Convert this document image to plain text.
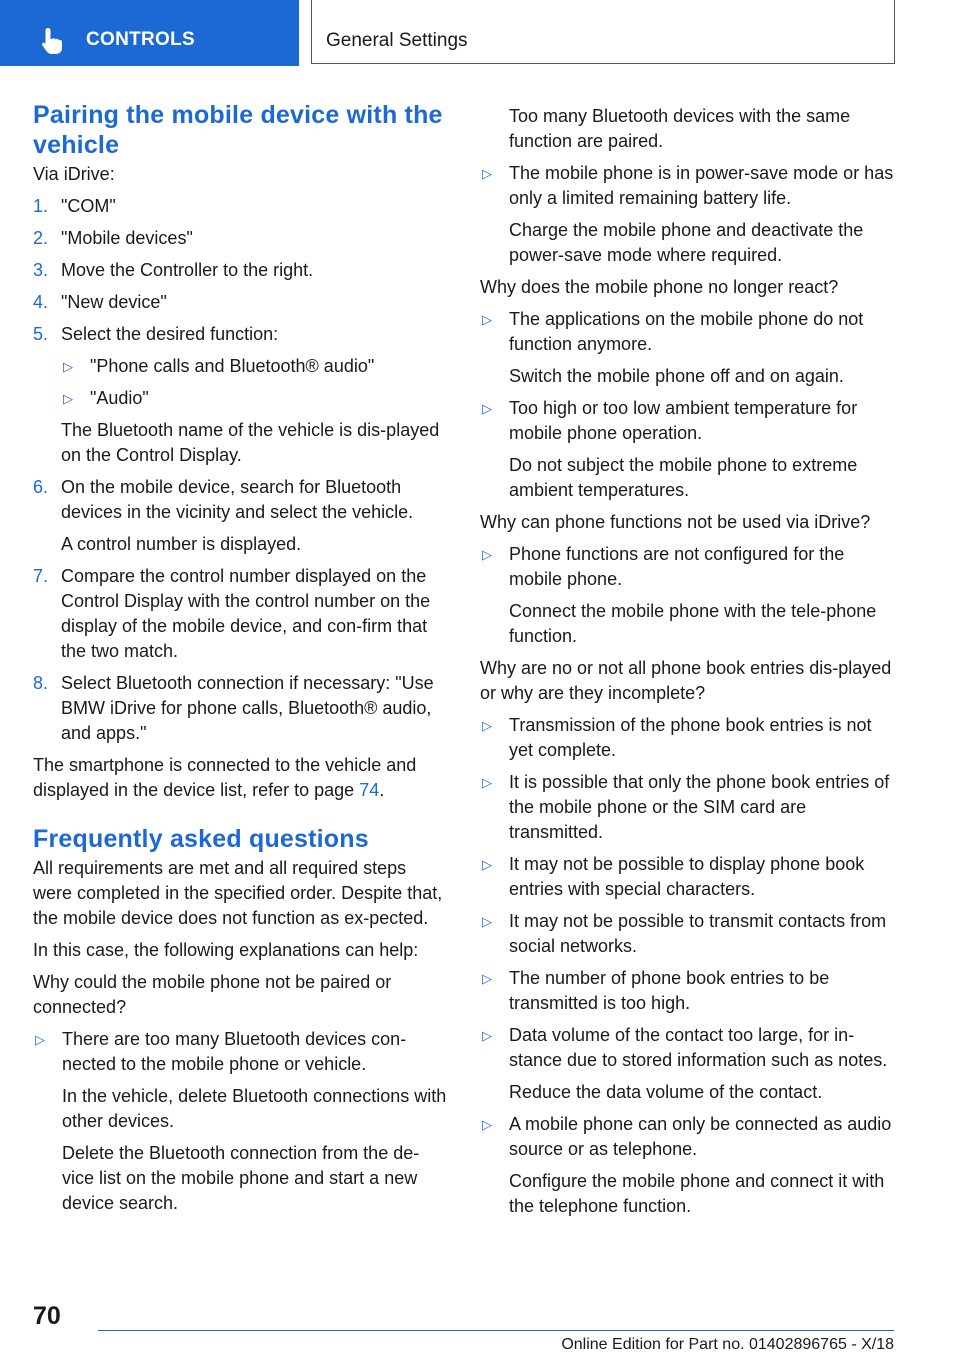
CONTROLS	General Settings
Pairing the mobile device with the vehicle

Via iDrive:

1. "COM"
2. "Mobile devices"
3. Move the Controller to the right.
4. "New device"
5. Select the desired function:
▷ "Phone calls and Bluetooth® audio"
▷ "Audio"
The Bluetooth name of the vehicle is dis-played on the Control Display.
6. On the mobile device, search for Bluetooth devices in the vicinity and select the vehicle.
A control number is displayed.
7. Compare the control number displayed on the Control Display with the control number on the display of the mobile device, and con-firm that the two match.
8. Select Bluetooth connection if necessary: "Use BMW iDrive for phone calls, Bluetooth® audio, and apps."

The smartphone is connected to the vehicle and displayed in the device list, refer to page 74.

Frequently asked questions

All requirements are met and all required steps were completed in the specified order. Despite that, the mobile device does not function as ex-pected.

In this case, the following explanations can help:

Why could the mobile phone not be paired or connected?

▷ There are too many Bluetooth devices con-nected to the mobile phone or vehicle.
In the vehicle, delete Bluetooth connections with other devices.
Delete the Bluetooth connection from the de-vice list on the mobile phone and start a new device search.
Too many Bluetooth devices with the same function are paired.
▷ The mobile phone is in power-save mode or has only a limited remaining battery life.
Charge the mobile phone and deactivate the power-save mode where required.

Why does the mobile phone no longer react?

▷ The applications on the mobile phone do not function anymore.
Switch the mobile phone off and on again.
▷ Too high or too low ambient temperature for mobile phone operation.
Do not subject the mobile phone to extreme ambient temperatures.

Why can phone functions not be used via iDrive?

▷ Phone functions are not configured for the mobile phone.
Connect the mobile phone with the tele-phone function.

Why are no or not all phone book entries dis-played or why are they incomplete?

▷ Transmission of the phone book entries is not yet complete.
▷ It is possible that only the phone book entries of the mobile phone or the SIM card are transmitted.
▷ It may not be possible to display phone book entries with special characters.
▷ It may not be possible to transmit contacts from social networks.
▷ The number of phone book entries to be transmitted is too high.
▷ Data volume of the contact too large, for in-stance due to stored information such as notes.
Reduce the data volume of the contact.
▷ A mobile phone can only be connected as audio source or as telephone.
Configure the mobile phone and connect it with the telephone function.
70
Online Edition for Part no. 01402896765 - X/18
